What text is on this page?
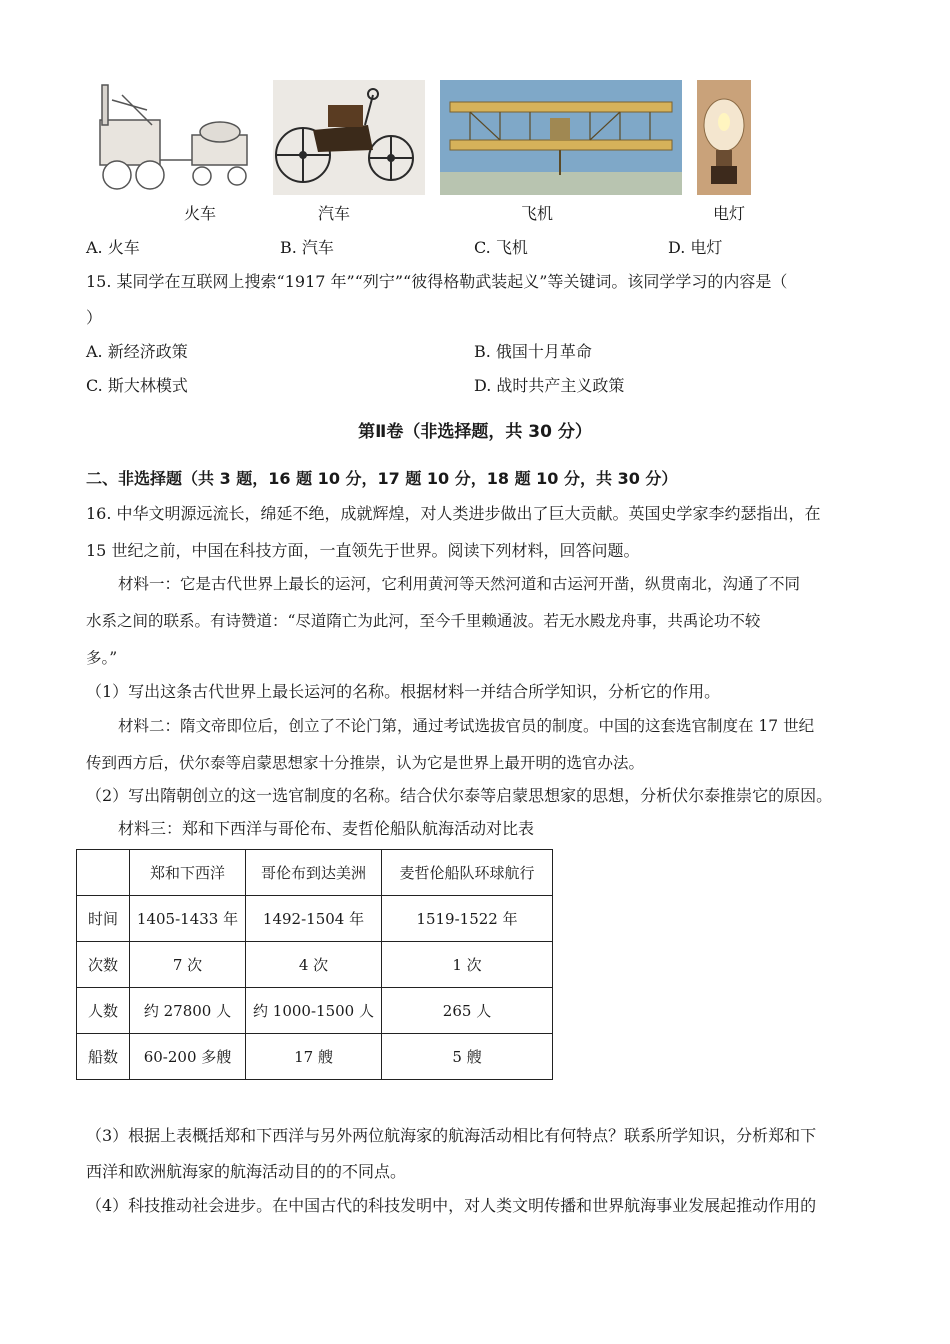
火车	汽车	飞机	电灯
A. 火车	B. 汽车	C. 飞机	D. 电灯
15. 某同学在互联网上搜索“1917 年”“列宁”“彼得格勒武装起义”等关键词。该同学学习的内容是（
）
A. 新经济政策	B. 俄国十月革命
C. 斯大林模式	D. 战时共产主义政策
第Ⅱ卷（非选择题，共 30 分）
二、非选择题（共 3 题，16 题 10 分，17 题 10 分，18 题 10 分，共 30 分）
16. 中华文明源远流长，绵延不绝，成就辉煌，对人类进步做出了巨大贡献。英国史学家李约瑟指出，在
15 世纪之前，中国在科技方面，一直领先于世界。阅读下列材料，回答问题。
材料一：它是古代世界上最长的运河，它利用黄河等天然河道和古运河开凿，纵贯南北，沟通了不同
水系之间的联系。有诗赞道：“尽道隋亡为此河，至今千里赖通波。若无水殿龙舟事，共禹论功不较
多。”
（1）写出这条古代世界上最长运河的名称。根据材料一并结合所学知识，分析它的作用。
材料二：隋文帝即位后，创立了不论门第，通过考试选拔官员的制度。中国的这套选官制度在 17 世纪
传到西方后，伏尔泰等启蒙思想家十分推崇，认为它是世界上最开明的选官办法。
（2）写出隋朝创立的这一选官制度的名称。结合伏尔泰等启蒙思想家的思想，分析伏尔泰推崇它的原因。
材料三：郑和下西洋与哥伦布、麦哲伦船队航海活动对比表
	郑和下西洋	哥伦布到达美洲	麦哲伦船队环球航行
时间	1405-1433 年	1492-1504 年	1519-1522 年
次数	7 次	4 次	1 次
人数	约 27800 人	约 1000-1500 人	265 人
船数	60-200 多艘	17 艘	5 艘
（3）根据上表概括郑和下西洋与另外两位航海家的航海活动相比有何特点？联系所学知识，分析郑和下
西洋和欧洲航海家的航海活动目的的不同点。
（4）科技推动社会进步。在中国古代的科技发明中，对人类文明传播和世界航海事业发展起推动作用的
